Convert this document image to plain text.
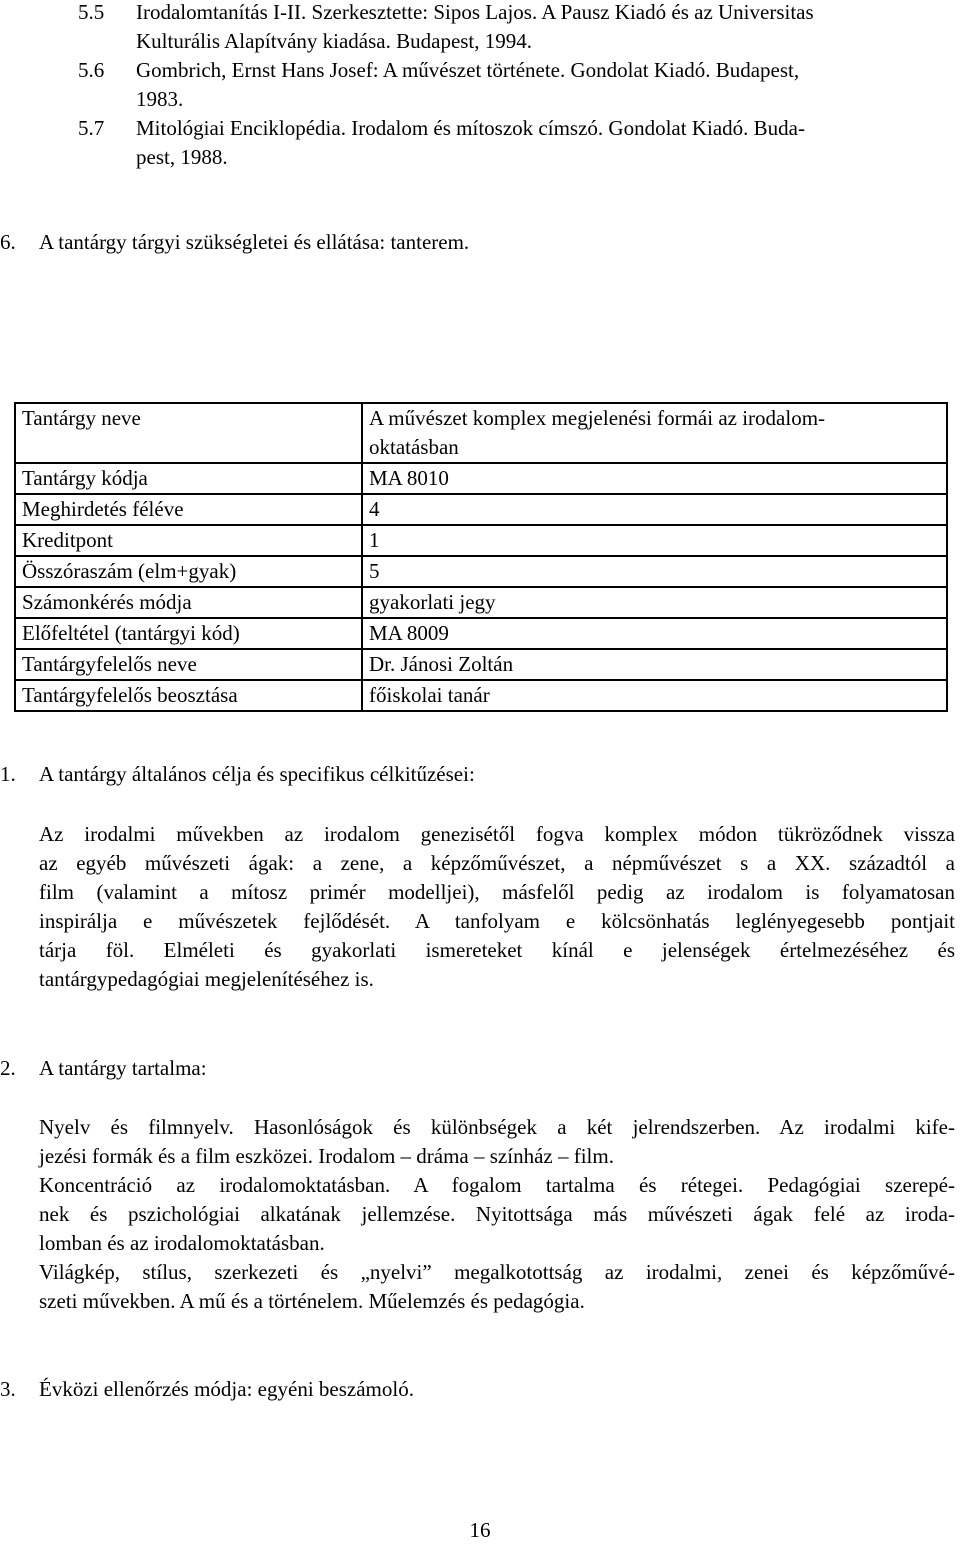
5.5	Irodalomtanítás I-II. Szerkesztette: Sipos Lajos. A Pausz Kiadó és az Universitas
Kulturális Alapítvány kiadása. Budapest, 1994.
5.6	Gombrich, Ernst Hans Josef: A művészet története. Gondolat Kiadó. Budapest,
1983.
5.7	Mitológiai Enciklopédia. Irodalom és mítoszok címszó. Gondolat Kiadó. Buda-
pest, 1988.
6.	A tantárgy tárgyi szükségletei és ellátása: tanterem.
Tantárgy neve	A művészet komplex megjelenési formái az irodalom-
oktatásban

Tantárgy kódja	MA 8010
Meghirdetés féléve	4
Kreditpont	1
Összóraszám (elm+gyak)	5
Számonkérés módja	gyakorlati jegy
Előfeltétel (tantárgyi kód)	MA 8009
Tantárgyfelelős neve	Dr. Jánosi Zoltán
Tantárgyfelelős beosztása	főiskolai tanár
1.	A tantárgy általános célja és specifikus célkitűzései:
Az irodalmi művekben az irodalom genezisétől fogva komplex módon tükröződnek vissza
az egyéb művészeti ágak: a zene, a képzőművészet, a népművészet s a XX. századtól a
film (valamint a mítosz primér modelljei), másfelől pedig az irodalom is folyamatosan
inspirálja e művészetek fejlődését. A tanfolyam e kölcsönhatás leglényegesebb pontjait
tárja föl. Elméleti és gyakorlati ismereteket kínál e jelenségek értelmezéséhez és
tantárgypedagógiai megjelenítéséhez is.
2.	A tantárgy tartalma:
Nyelv és filmnyelv. Hasonlóságok és különbségek a két jelrendszerben. Az irodalmi kife-
jezési formák és a film eszközei. Irodalom – dráma – színház – film.
Koncentráció az irodalomoktatásban. A fogalom tartalma és rétegei. Pedagógiai szerepé-
nek és pszichológiai alkatának jellemzése. Nyitottsága más művészeti ágak felé az iroda-
lomban és az irodalomoktatásban.
Világkép, stílus, szerkezeti és „nyelvi” megalkotottság az irodalmi, zenei és képzőművé-
szeti művekben. A mű és a történelem. Műelemzés és pedagógia.
3.	Évközi ellenőrzés módja: egyéni beszámoló.
16
